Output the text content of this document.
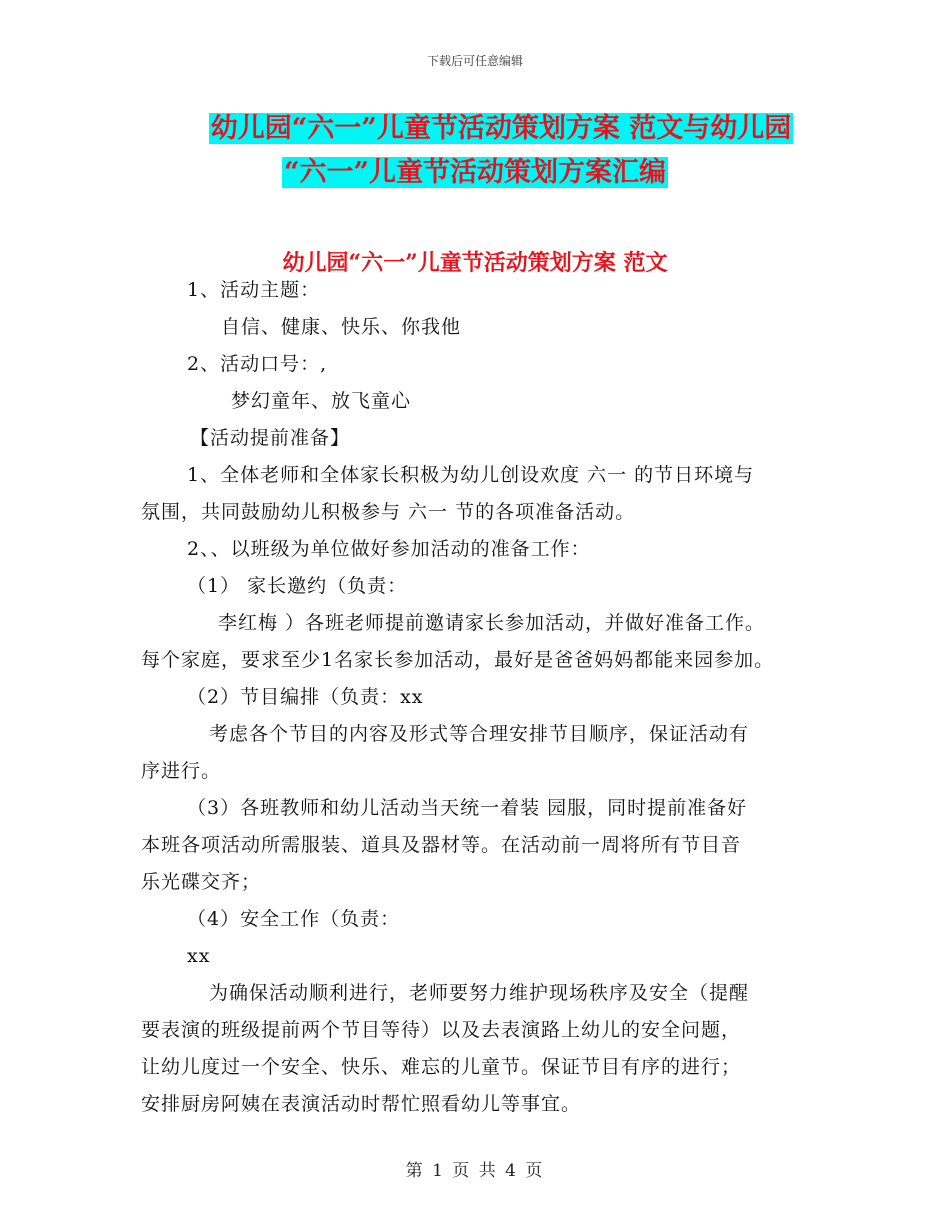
下载后可任意编辑
幼儿园“六一”儿童节活动策划方案 范文与幼儿园
“六一”儿童节活动策划方案汇编
幼儿园“六一”儿童节活动策划方案 范文
1、活动主题：
自信、健康、快乐、你我他
2、活动口号：,
梦幻童年、放飞童心
【活动提前准备】
1、全体老师和全体家长积极为幼儿创设欢度 六一 的节日环境与
氛围，共同鼓励幼儿积极参与 六一 节的各项准备活动。
2、、以班级为单位做好参加活动的准备工作：
（1） 家长邀约（负责：
李红梅 ）各班老师提前邀请家长参加活动，并做好准备工作。
每个家庭，要求至少1名家长参加活动，最好是爸爸妈妈都能来园参加。
（2）节目编排（负责：xx
考虑各个节目的内容及形式等合理安排节目顺序，保证活动有
序进行。
（3）各班教师和幼儿活动当天统一着装 园服，同时提前准备好
本班各项活动所需服装、道具及器材等。在活动前一周将所有节目音
乐光碟交齐；
（4）安全工作（负责：
xx
为确保活动顺利进行，老师要努力维护现场秩序及安全（提醒
要表演的班级提前两个节目等待）以及去表演路上幼儿的安全问题，
让幼儿度过一个安全、快乐、难忘的儿童节。保证节目有序的进行；
安排厨房阿姨在表演活动时帮忙照看幼儿等事宜。
第 1 页 共 4 页
